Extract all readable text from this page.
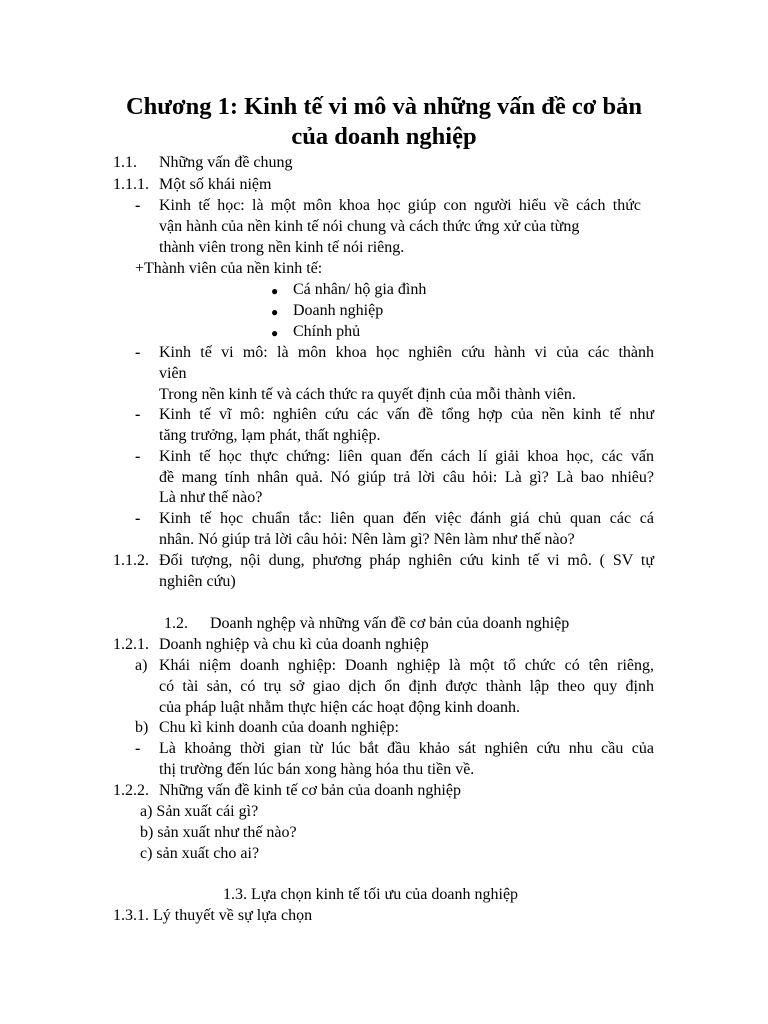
Chương 1: Kinh tế vi mô và những vấn đề cơ bản
của doanh nghiệp
1.1. Những vấn đề chung
1.1.1. Một số khái niệm
- Kinh tế học: là một môn khoa học giúp con người hiểu về cách thức
vận hành của nền kinh tế nói chung và cách thức ứng xử của từng
thành viên trong nền kinh tế nói riêng.
+Thành viên của nền kinh tế:
● Cá nhân/ hộ gia đình
● Doanh nghiệp
● Chính phủ
- Kinh tế vi mô: là môn khoa học nghiên cứu hành vi của các thành
viên
Trong nền kinh tế và cách thức ra quyết định của mỗi thành viên.
- Kinh tế vĩ mô: nghiên cứu các vấn đề tổng hợp của nền kinh tế như
tăng trưởng, lạm phát, thất nghiệp.
- Kinh tế học thực chứng: liên quan đến cách lí giải khoa học, các vấn
đề mang tính nhân quả. Nó giúp trả lời câu hỏi: Là gì? Là bao nhiêu?
Là như thế nào?
- Kinh tế học chuẩn tắc: liên quan đến việc đánh giá chủ quan các cá
nhân. Nó giúp trả lời câu hỏi: Nên làm gì? Nên làm như thế nào?
1.1.2. Đối tượng, nội dung, phương pháp nghiên cứu kinh tế vi mô. ( SV tự
nghiên cứu)
1.2. Doanh nghệp và những vấn đề cơ bản của doanh nghiệp
1.2.1. Doanh nghiệp và chu kì của doanh nghiệp
a) Khái niệm doanh nghiệp: Doanh nghiệp là một tổ chức có tên riêng,
có tài sản, có trụ sở giao dịch ổn định được thành lập theo quy định
của pháp luật nhằm thực hiện các hoạt động kinh doanh.
b) Chu kì kinh doanh của doanh nghiệp:
- Là khoảng thời gian từ lúc bắt đầu khảo sát nghiên cứu nhu cầu của
thị trường đến lúc bán xong hàng hóa thu tiền về.
1.2.2. Những vấn đề kinh tế cơ bản của doanh nghiệp
a) Sản xuất cái gì?
b) sản xuất như thế nào?
c) sản xuất cho ai?
1.3. Lựa chọn kinh tế tối ưu của doanh nghiệp
1.3.1. Lý thuyết về sự lựa chọn
